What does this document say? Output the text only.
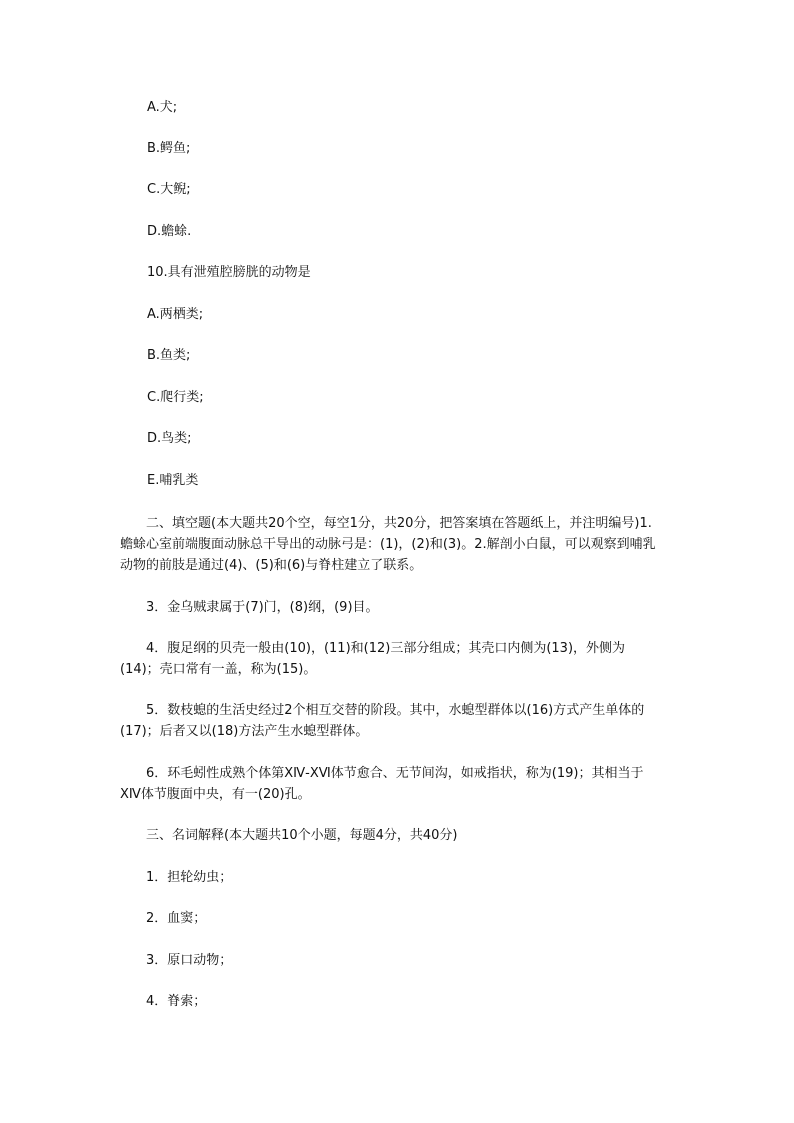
A.犬;
B.鳄鱼;
C.大鲵;
D.蟾蜍.
10.具有泄殖腔膀胱的动物是
A.两栖类;
B.鱼类;
C.爬行类;
D.鸟类;
E.哺乳类
二、填空题(本大题共20个空，每空1分，共20分，把答案填在答题纸上，并注明编号)1.蟾蜍心室前端腹面动脉总干导出的动脉弓是：(1)，(2)和(3)。2.解剖小白鼠，可以观察到哺乳动物的前肢是通过(4)、(5)和(6)与脊柱建立了联系。
3．金乌贼隶属于(7)门，(8)纲，(9)目。
4．腹足纲的贝壳一般由(10)，(11)和(12)三部分组成；其壳口内侧为(13)，外侧为(14)；壳口常有一盖，称为(15)。
5．数枝螅的生活史经过2个相互交替的阶段。其中，水螅型群体以(16)方式产生单体的(17)；后者又以(18)方法产生水螅型群体。
6．环毛蚓性成熟个体第ⅩⅣ-ⅩⅥ体节愈合、无节间沟，如戒指状，称为(19)；其相当于ⅩⅣ体节腹面中央，有一(20)孔。
三、名词解释(本大题共10个小题，每题4分，共40分)
1．担轮幼虫；
2．血窦；
3．原口动物；
4．脊索；
